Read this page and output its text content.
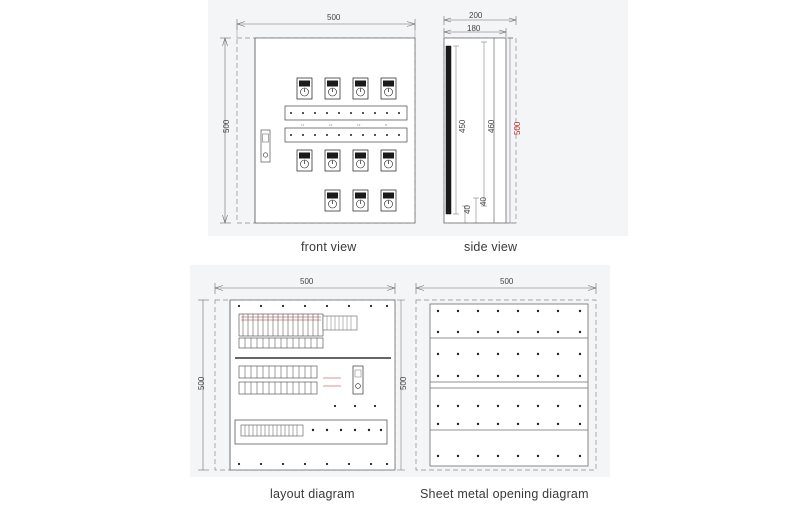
L1	L2	L3	N
500
500
front view
200
180
450	460 500
40
40
side view
500
500	500
layout diagram
500
Sheet metal opening diagram
